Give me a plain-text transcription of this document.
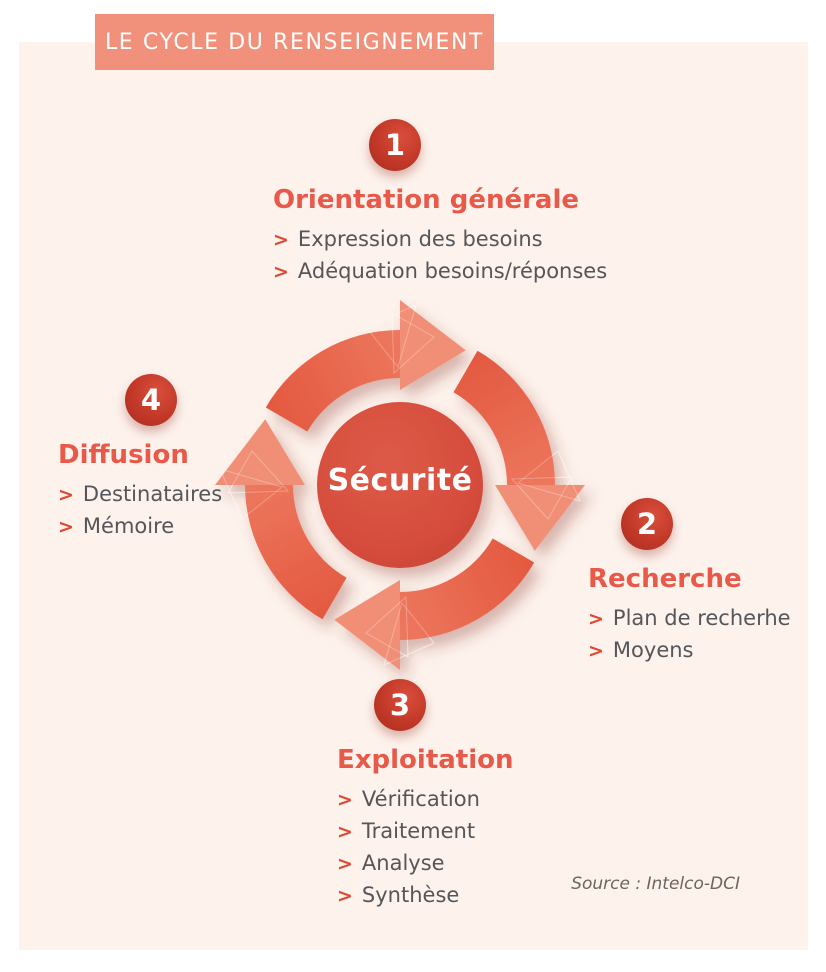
LE CYCLE DU RENSEIGNEMENT
Sécurité
1
Orientation générale
> Expression des besoins
> Adéquation besoins/réponses
2
Recherche
> Plan de recherhe
> Moyens
3
Exploitation
> Vérification
> Traitement
> Analyse
> Synthèse
4
Diffusion
> Destinataires
> Mémoire
Source : Intelco-DCI
